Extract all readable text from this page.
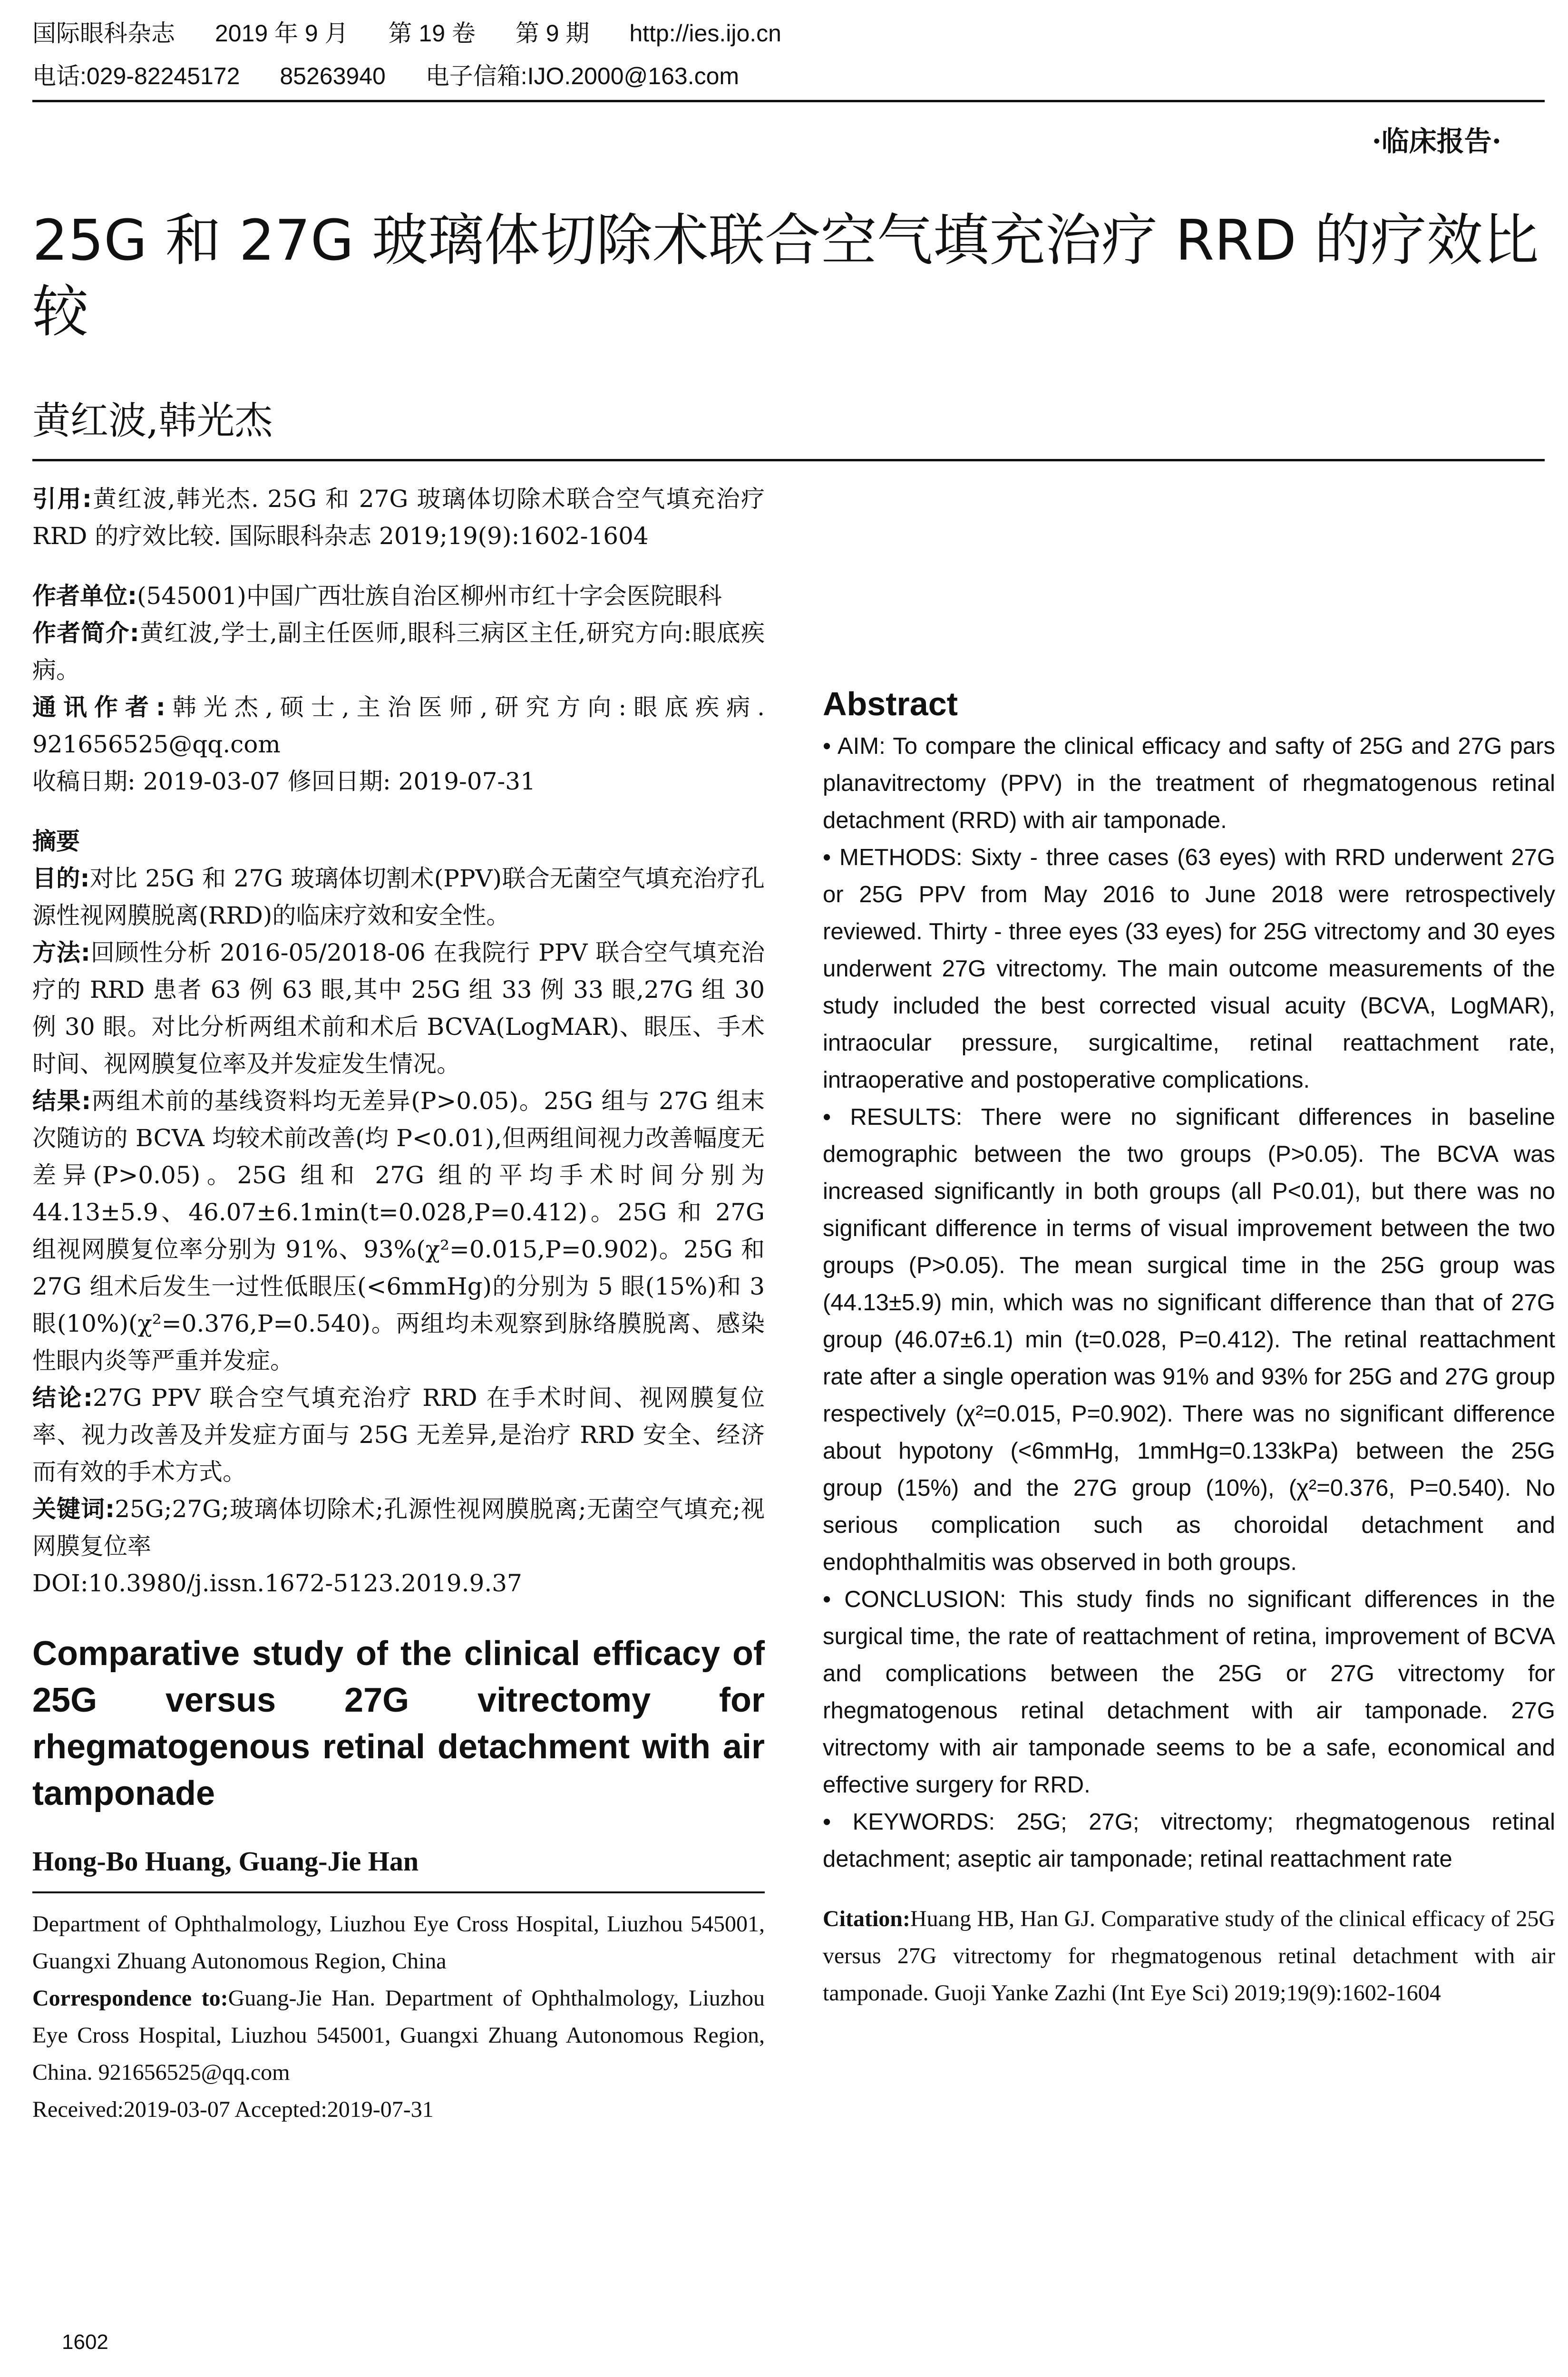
国际眼科杂志 2019 年 9 月 第 19 卷 第 9 期 http://ies.ijo.cn
电话:029-82245172 85263940 电子信箱:IJO.2000@163.com
·临床报告·
25G 和 27G 玻璃体切除术联合空气填充治疗 RRD 的疗效比较
黄红波,韩光杰

引用:黄红波,韩光杰. 25G 和 27G 玻璃体切除术联合空气填充治疗 RRD 的疗效比较. 国际眼科杂志 2019;19(9):1602-1604

作者单位:(545001)中国广西壮族自治区柳州市红十字会医院眼科

作者简介:黄红波,学士,副主任医师,眼科三病区主任,研究方向:眼底疾病。

通讯作者:韩光杰,硕士,主治医师,研究方向:眼底疾病. 921656525@qq.com

收稿日期: 2019-03-07 修回日期: 2019-07-31

摘要

目的:对比 25G 和 27G 玻璃体切割术(PPV)联合无菌空气填充治疗孔源性视网膜脱离(RRD)的临床疗效和安全性。

方法:回顾性分析 2016-05/2018-06 在我院行 PPV 联合空气填充治疗的 RRD 患者 63 例 63 眼,其中 25G 组 33 例 33 眼,27G 组 30 例 30 眼。对比分析两组术前和术后 BCVA(LogMAR)、眼压、手术时间、视网膜复位率及并发症发生情况。

结果:两组术前的基线资料均无差异(P>0.05)。25G 组与 27G 组末次随访的 BCVA 均较术前改善(均 P<0.01),但两组间视力改善幅度无差异(P>0.05)。25G 组和 27G 组的平均手术时间分别为 44.13±5.9、46.07±6.1min(t=0.028,P=0.412)。25G 和 27G 组视网膜复位率分别为 91%、93%(χ²=0.015,P=0.902)。25G 和 27G 组术后发生一过性低眼压(<6mmHg)的分别为 5 眼(15%)和 3 眼(10%)(χ²=0.376,P=0.540)。两组均未观察到脉络膜脱离、感染性眼内炎等严重并发症。

结论:27G PPV 联合空气填充治疗 RRD 在手术时间、视网膜复位率、视力改善及并发症方面与 25G 无差异,是治疗 RRD 安全、经济而有效的手术方式。

关键词:25G;27G;玻璃体切除术;孔源性视网膜脱离;无菌空气填充;视网膜复位率

DOI:10.3980/j.issn.1672-5123.2019.9.37

Comparative study of the clinical efficacy of 25G versus 27G vitrectomy for rhegmatogenous retinal detachment with air tamponade
Hong-Bo Huang, Guang-Jie Han

Department of Ophthalmology, Liuzhou Eye Cross Hospital, Liuzhou 545001, Guangxi Zhuang Autonomous Region, China

Correspondence to:Guang-Jie Han. Department of Ophthalmology, Liuzhou Eye Cross Hospital, Liuzhou 545001, Guangxi Zhuang Autonomous Region, China. 921656525@qq.com

Received:2019-03-07 Accepted:2019-07-31

Abstract

• AIM: To compare the clinical efficacy and safty of 25G and 27G pars planavitrectomy (PPV) in the treatment of rhegmatogenous retinal detachment (RRD) with air tamponade.

• METHODS: Sixty - three cases (63 eyes) with RRD underwent 27G or 25G PPV from May 2016 to June 2018 were retrospectively reviewed. Thirty - three eyes (33 eyes) for 25G vitrectomy and 30 eyes underwent 27G vitrectomy. The main outcome measurements of the study included the best corrected visual acuity (BCVA, LogMAR), intraocular pressure, surgicaltime, retinal reattachment rate, intraoperative and postoperative complications.

• RESULTS: There were no significant differences in baseline demographic between the two groups (P>0.05). The BCVA was increased significantly in both groups (all P<0.01), but there was no significant difference in terms of visual improvement between the two groups (P>0.05). The mean surgical time in the 25G group was (44.13±5.9) min, which was no significant difference than that of 27G group (46.07±6.1) min (t=0.028, P=0.412). The retinal reattachment rate after a single operation was 91% and 93% for 25G and 27G group respectively (χ²=0.015, P=0.902). There was no significant difference about hypotony (<6mmHg, 1mmHg=0.133kPa) between the 25G group (15%) and the 27G group (10%), (χ²=0.376, P=0.540). No serious complication such as choroidal detachment and endophthalmitis was observed in both groups.

• CONCLUSION: This study finds no significant differences in the surgical time, the rate of reattachment of retina, improvement of BCVA and complications between the 25G or 27G vitrectomy for rhegmatogenous retinal detachment with air tamponade. 27G vitrectomy with air tamponade seems to be a safe, economical and effective surgery for RRD.

• KEYWORDS: 25G; 27G; vitrectomy; rhegmatogenous retinal detachment; aseptic air tamponade; retinal reattachment rate

Citation:Huang HB, Han GJ. Comparative study of the clinical efficacy of 25G versus 27G vitrectomy for rhegmatogenous retinal detachment with air tamponade. Guoji Yanke Zazhi (Int Eye Sci) 2019;19(9):1602-1604

1602
